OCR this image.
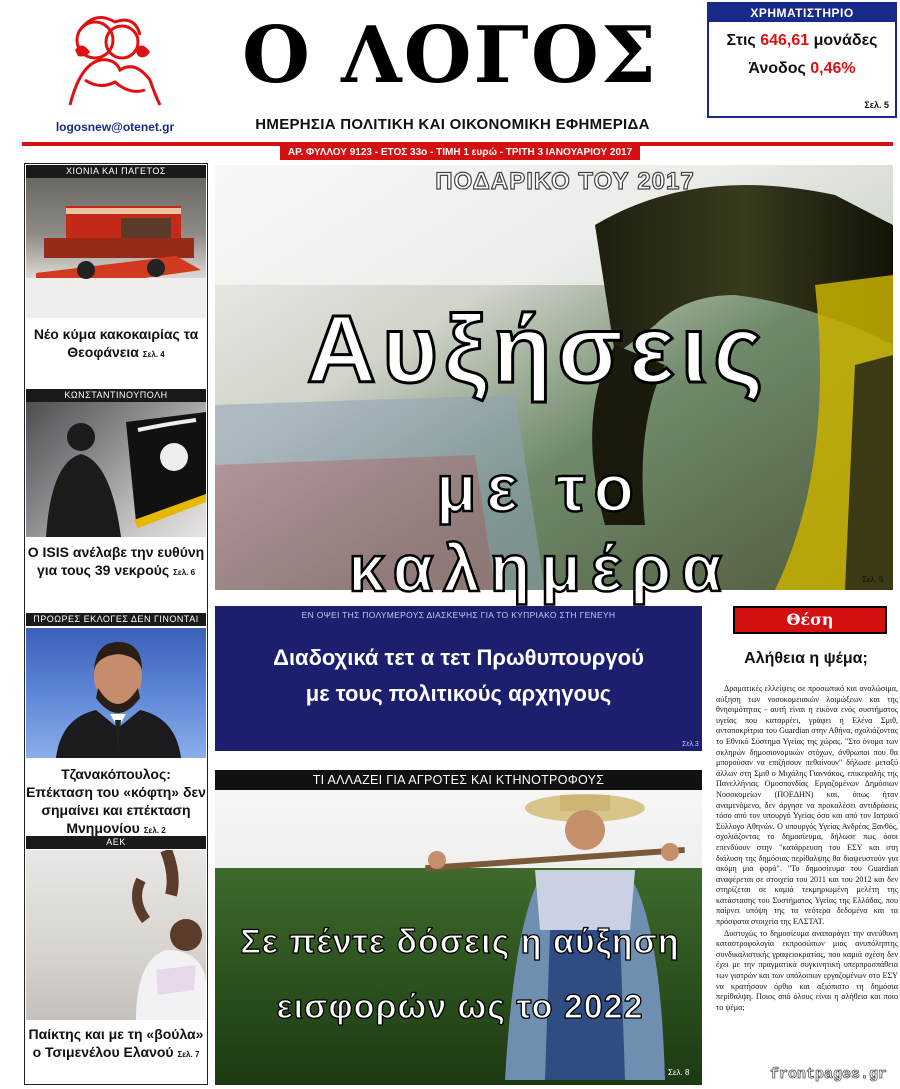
logosnew@otenet.gr
Ο ΛΟΓΟΣ
ΗΜΕΡΗΣΙΑ ΠΟΛΙΤΙΚΗ ΚΑΙ ΟΙΚΟΝΟΜΙΚΗ ΕΦΗΜΕΡΙΔΑ
ΧΡΗΜΑΤΙΣΤΗΡΙΟ
Στις 646,61 μονάδες
Άνοδος 0,46%
Σελ. 5
ΑΡ. ΦΥΛΛΟΥ 9123 - ΕΤΟΣ 33ο - ΤΙΜΗ 1 ευρώ - ΤΡΙΤΗ 3 ΙΑΝΟΥΑΡΙΟΥ 2017
ΧΙΟΝΙΑ ΚΑΙ ΠΑΓΕΤΟΣ
Νέο κύμα κακοκαιρίας τα Θεοφάνεια Σελ. 4
ΚΩΝΣΤΑΝΤΙΝΟΥΠΟΛΗ
Ο ISIS ανέλαβε την ευθύνη για τους 39 νεκρούς Σελ. 6
ΠΡΟΩΡΕΣ ΕΚΛΟΓΕΣ ΔΕΝ ΓΙΝΟΝΤΑΙ
Τζανακόπουλος: Επέκταση του «κόφτη» δεν σημαίνει και επέκταση Μνημονίου Σελ. 2
ΑΕΚ
Παίκτης και με τη «βούλα» ο Τσιμενέλου Ελανού Σελ. 7
ΠΟΔΑΡΙΚΟ ΤΟΥ 2017
Αυξήσεις
με το καλημέρα	Σελ. 5
ΕΝ ΟΨΕΙ ΤΗΣ ΠΟΛΥΜΕΡΟΥΣ ΔΙΑΣΚΕΨΗΣ ΓΙΑ ΤΟ ΚΥΠΡΙΑΚΟ ΣΤΗ ΓΕΝΕΥΗ
Διαδοχικά τετ α τετ Πρωθυπουργού
με τους πολιτικούς αρχηγους
Σελ.3
ΤΙ ΑΛΛΑΖΕΙ ΓΙΑ ΑΓΡΟΤΕΣ ΚΑΙ ΚΤΗΝΟΤΡΟΦΟΥΣ
Σε πέντε δόσεις η αύξηση
εισφορών ως το 2022
Σελ. 8
Θέση
Αλήθεια η ψέμα;

Δραματικές ελλείψεις σε προσωπικό και αναλώσιμα, αύξηση των νοσοκομειακών λοιμώξεων και της θνησιμότητας - αυτή είναι η εικόνα ενός συστήματος υγείας που καταρρέει, γράφει η Ελένα Σμιθ, ανταποκρίτρια του Guardian στην Αθήνα, σχολιάζοντας το Εθνικό Σύστημα Υγείας της χώρας. "Στο όνομα των σκληρών δημοσιονομικών στόχων, άνθρωποι που θα μπορούσαν να επιζήσουν πεθαίνουν" δήλωσε μεταξύ άλλων στη Σμιθ ο Μιχάλης Γιαννάκος, επικεφαλής της Πανελλήνιας Ομοσπονδίας Εργαζομένων Δημόσιων Νοσοκομείων (ΠΟΕΔΗΝ) και, όπως ήταν αναμενόμενο, δεν άργησε να προκαλέσει αντιδράσεις τόσο από τον υπουργό Υγείας όσο και από τον Ιατρικό Σύλλογο Αθηνών. Ο υπουργός Υγείας Ανδρέας Ξανθός, σχολιάζοντας το δημοσίευμα, δήλωσε πως όσοι επενδύουν στην "κατάρρευση του ΕΣΥ και στη διάλυση της δημόσιας περίθαλψης θα διαψευστούν για ακόμη μια φορά". "Το δημοσίευμα του Guardian αναφέρεται σε στοιχεία του 2011 και του 2012 και δεν στηρίζεται σε καμιά τεκμηριωμένη μελέτη της κατάστασης του Συστήματος Υγείας της Ελλάδας, που παίρνει υπόψη της τα νεότερα δεδομένα και τα πρόσφατα στοιχεία της ΕΛΣΤΑΤ.

Δυστυχώς το δημοσίευμα αναπαράγει την ανεύθυνη καταστροφολογία εκπροσώπων μιας ανυπόληπτης συνδικαλιστικής γραφειοκρατίας, που καμιά σχέση δεν έχει με την πραγματικά συγκινητική υπερπροσπάθεια των γιατρών και των υπόλοιπων εργαζομένων στο ΕΣΥ να κρατήσουν όρθιο και αξιόπιστο τη δημόσια περίθαλψη. Ποιος από όλους είναι η αλήθεια και ποιο το ψέμα;

frontpages.gr
